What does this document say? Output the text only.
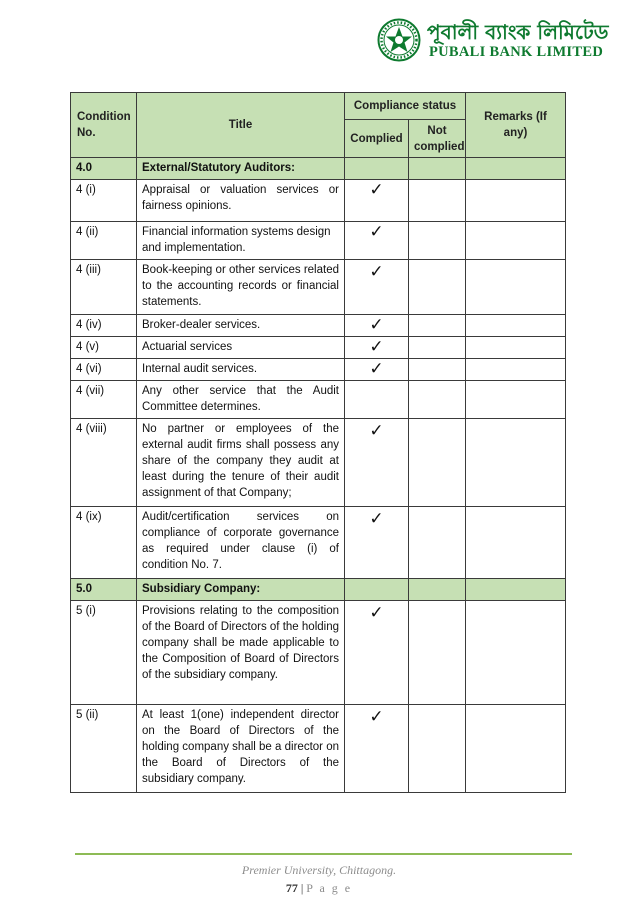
পূবালী ব্যাংক লিমিটেড
PUBALI BANK LIMITED
Condition No.	Title	Compliance status		Remarks (If any)
		Complied	Not complied	
4.0	External/Statutory Auditors:			
4 (i)	Appraisal or valuation services or fairness opinions.	✓		
4 (ii)	Financial information systems design and implementation.	✓		
4 (iii)	Book-keeping or other services related to the accounting records or financial statements.	✓		
4 (iv)	Broker-dealer services.	✓		
4 (v)	Actuarial services	✓		
4 (vi)	Internal audit services.	✓		
4 (vii)	Any other service that the Audit Committee determines.			
4 (viii)	No partner or employees of the external audit firms shall possess any share of the company they audit at least during the tenure of their audit assignment of that Company;	✓		
4 (ix)	Audit/certification services on compliance of corporate governance as required under clause (i) of condition No. 7.	✓		
5.0	Subsidiary Company:			
5 (i)	Provisions relating to the composition of the Board of Directors of the holding company shall be made applicable to the Composition of Board of Directors of the subsidiary company.	✓		
5 (ii)	At least 1(one) independent director on the Board of Directors of the holding company shall be a director on the Board of Directors of the subsidiary company.	✓		
Premier University, Chittagong.
77 | P a g e
